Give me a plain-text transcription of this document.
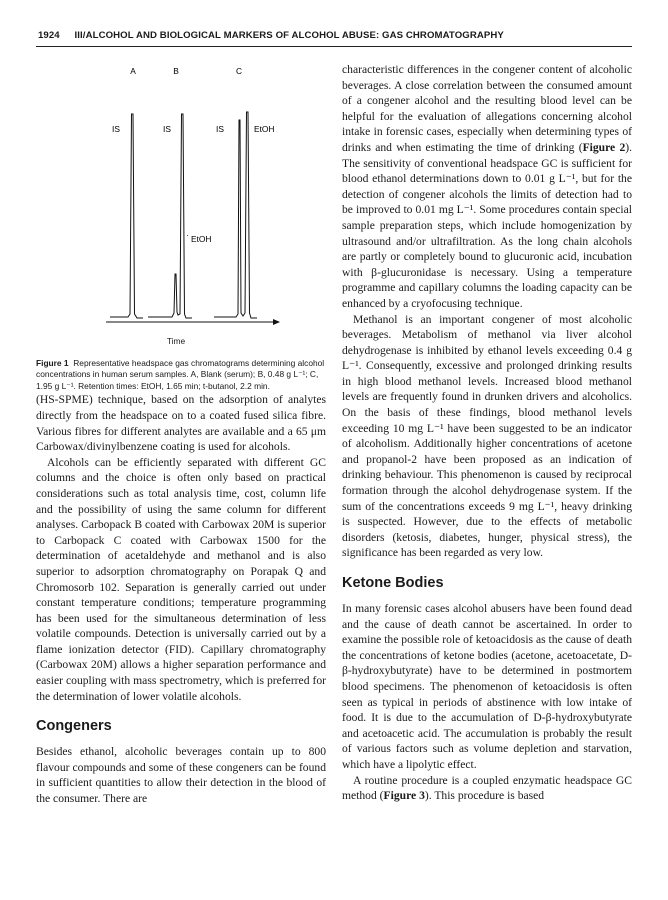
1924 III/ALCOHOL AND BIOLOGICAL MARKERS OF ALCOHOL ABUSE: GAS CHROMATOGRAPHY
A	B	C
IS	IS	IS	EtOH
EtOH
·
Time

Figure 1 Representative headspace gas chromatograms determining alcohol concentrations in human serum samples. A, Blank (serum); B, 0.48 g L⁻¹; C, 1.95 g L⁻¹. Retention times: EtOH, 1.65 min; t-butanol, 2.2 min.

(HS-SPME) technique, based on the adsorption of analytes directly from the headspace on to a coated fused silica fibre. Various fibres for different analytes are available and a 65 μm Carbowax/divinylbenzene coating is used for alcohols.

Alcohols can be efficiently separated with different GC columns and the choice is often only based on practical considerations such as total analysis time, cost, column life and the possibility of using the same column for different analyses. Carbopack B coated with Carbowax 20M is superior to Carbopack C coated with Carbowax 1500 for the determination of acetaldehyde and methanol and is also superior to adsorption chromatography on Porapak Q and Chromosorb 102. Separation is generally carried out under constant temperature conditions; temperature programming has been used for the simultaneous determination of less volatile compounds. Detection is universally carried out by a flame ionization detector (FID). Capillary chromatography (Carbowax 20M) allows a higher separation performance and easier coupling with mass spectrometry, which is preferred for the determination of lower volatile alcohols.

Congeners

Besides ethanol, alcoholic beverages contain up to 800 flavour compounds and some of these congeners can be found in sufficient quantities to allow their detection in the blood of the consumer. There are

characteristic differences in the congener content of alcoholic beverages. A close correlation between the consumed amount of a congener alcohol and the resulting blood level can be helpful for the evaluation of allegations concerning alcohol intake in forensic cases, especially when determining types of drinks and when estimating the time of drinking (Figure 2). The sensitivity of conventional headspace GC is sufficient for blood ethanol determinations down to 0.01 g L⁻¹, but for the detection of congener alcohols the limits of detection had to be improved to 0.01 mg L⁻¹. Some procedures contain special sample preparation steps, which include homogenization by ultrasound and/or ultrafiltration. As the long chain alcohols are partly or completely bound to glucuronic acid, incubation with β-glucuronidase is necessary. Using a temperature programme and capillary columns the loading capacity can be enhanced by a cryofocusing technique.

Methanol is an important congener of most alcoholic beverages. Metabolism of methanol via liver alcohol dehydrogenase is inhibited by ethanol levels exceeding 0.4 g L⁻¹. Consequently, excessive and prolonged drinking results in high blood methanol levels. Increased blood methanol levels are frequently found in drunken drivers and alcoholics. On the basis of these findings, blood methanol levels exceeding 10 mg L⁻¹ have been suggested to be an indicator of alcoholism. Additionally higher concentrations of acetone and propanol-2 have been proposed as an indication of drinking behaviour. This phenomenon is caused by reciprocal formation through the alcohol dehydrogenase system. If the sum of the concentrations exceeds 9 mg L⁻¹, heavy drinking is suspected. However, due to the effects of metabolic disorders (ketosis, diabetes, hunger, physical stress), the significance has been regarded as very low.

Ketone Bodies

In many forensic cases alcohol abusers have been found dead and the cause of death cannot be ascertained. In order to examine the possible role of ketoacidosis as the cause of death the concentrations of ketone bodies (acetone, acetoacetate, D-β-hydroxybutyrate) have to be determined in postmortem blood specimens. The phenomenon of ketoacidosis is often seen as typical in periods of abstinence with low intake of food. It is due to the accumulation of D-β-hydroxybutyrate and acetoacetic acid. The accumulation is probably the result of various factors such as volume depletion and starvation, which have a lipolytic effect.

A routine procedure is a coupled enzymatic headspace GC method (Figure 3). This procedure is based
